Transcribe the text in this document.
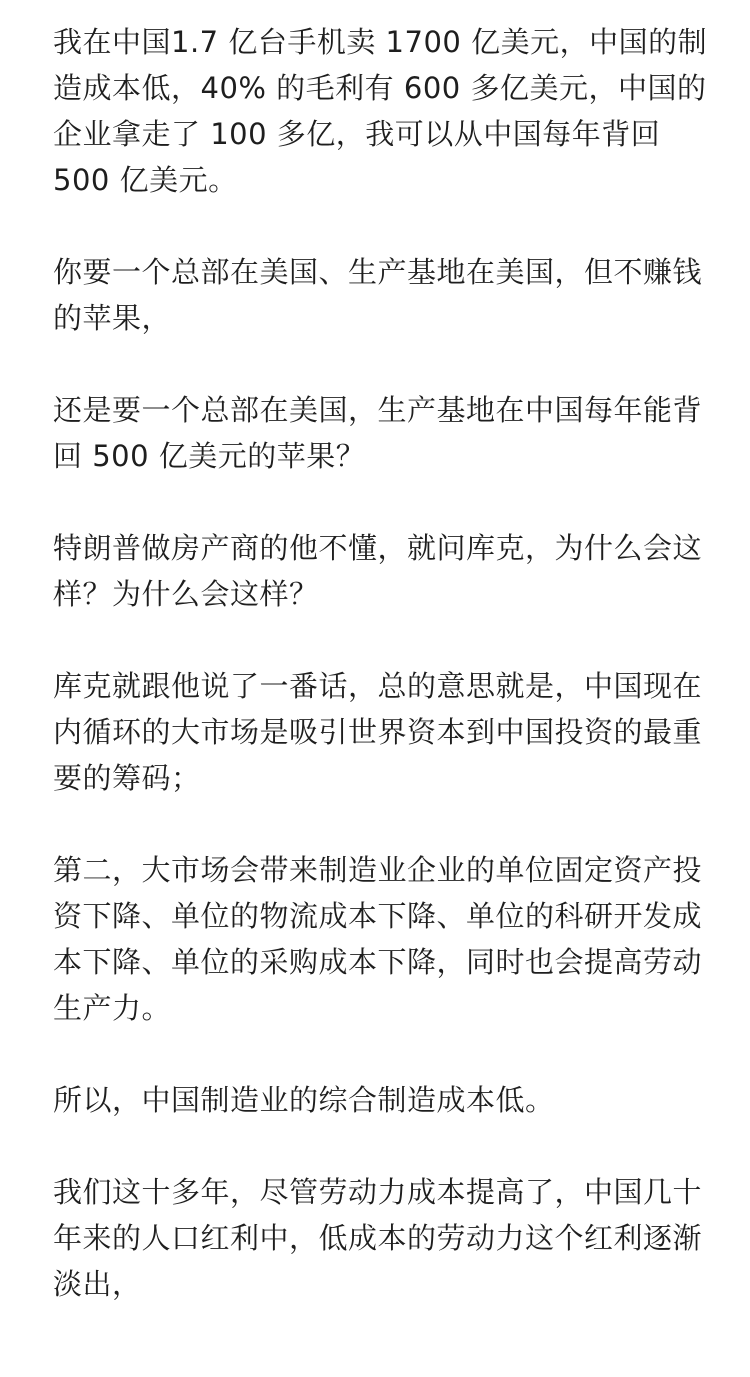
我在中国1.7 亿台手机卖 1700 亿美元，中国的制
造成本低，40% 的毛利有 600 多亿美元，中国的
企业拿走了 100 多亿，我可以从中国每年背回
500 亿美元。

你要一个总部在美国、生产基地在美国，但不赚钱
的苹果，

还是要一个总部在美国，生产基地在中国每年能背
回 500 亿美元的苹果？

特朗普做房产商的他不懂，就问库克，为什么会这
样？为什么会这样？

库克就跟他说了一番话，总的意思就是，中国现在
内循环的大市场是吸引世界资本到中国投资的最重
要的筹码；

第二，大市场会带来制造业企业的单位固定资产投
资下降、单位的物流成本下降、单位的科研开发成
本下降、单位的采购成本下降，同时也会提高劳动
生产力。

所以，中国制造业的综合制造成本低。

我们这十多年，尽管劳动力成本提高了，中国几十
年来的人口红利中，低成本的劳动力这个红利逐渐
淡出，
